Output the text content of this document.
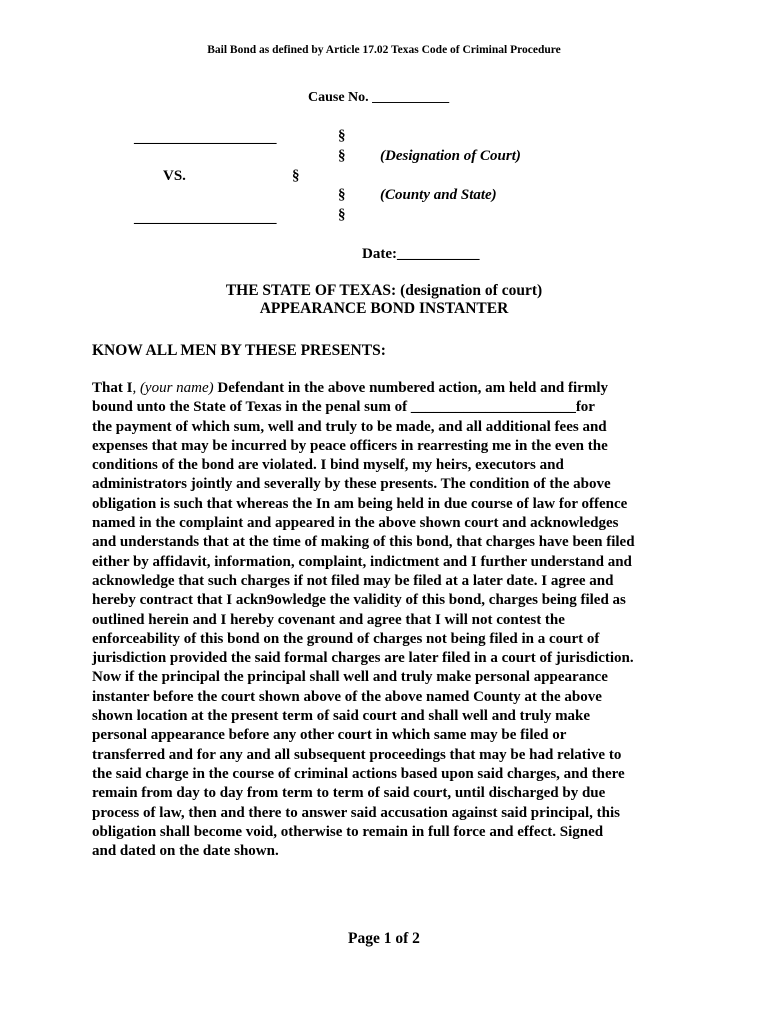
Bail Bond as defined by Article 17.02 Texas Code of Criminal Procedure
Cause No. ___________
___________________	§
§ (Designation of Court)
VS.	§
§ (County and State)
§
___________________
Date:___________
THE STATE OF TEXAS: (designation of court)
APPEARANCE BOND INSTANTER
KNOW ALL MEN BY THESE PRESENTS:
That I, (your name) Defendant in the above numbered action, am held and firmly
bound unto the State of Texas in the penal sum of ______________________for
the payment of which sum, well and truly to be made, and all additional fees and
expenses that may be incurred by peace officers in rearresting me in the even the
conditions of the bond are violated. I bind myself, my heirs, executors and
administrators jointly and severally by these presents. The condition of the above
obligation is such that whereas the In am being held in due course of law for offence
named in the complaint and appeared in the above shown court and acknowledges
and understands that at the time of making of this bond, that charges have been filed
either by affidavit, information, complaint, indictment and I further understand and
acknowledge that such charges if not filed may be filed at a later date. I agree and
hereby contract that I ackn9owledge the validity of this bond, charges being filed as
outlined herein and I hereby covenant and agree that I will not contest the
enforceability of this bond on the ground of charges not being filed in a court of
jurisdiction provided the said formal charges are later filed in a court of jurisdiction.
Now if the principal the principal shall well and truly make personal appearance
instanter before the court shown above of the above named County at the above
shown location at the present term of said court and shall well and truly make
personal appearance before any other court in which same may be filed or
transferred and for any and all subsequent proceedings that may be had relative to
the said charge in the course of criminal actions based upon said charges, and there
remain from day to day from term to term of said court, until discharged by due
process of law, then and there to answer said accusation against said principal, this
obligation shall become void, otherwise to remain in full force and effect. Signed
and dated on the date shown.
Page 1 of 2
